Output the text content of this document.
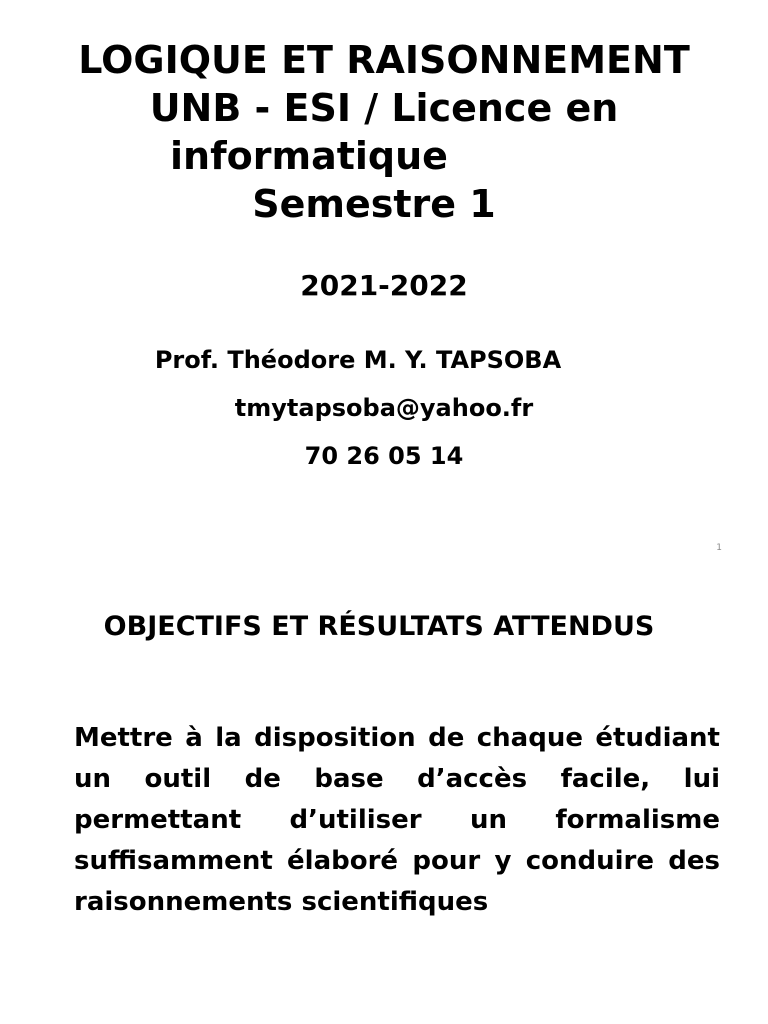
LOGIQUE ET RAISONNEMENT
UNB - ESI / Licence en
informatique
Semestre 1
2021-2022
Prof. Théodore M. Y. TAPSOBA
tmytapsoba@yahoo.fr
70 26 05 14
1
OBJECTIFS ET RÉSULTATS ATTENDUS
Mettre à la disposition de chaque étudiant un outil de base d’accès facile, lui permettant d’utiliser un formalisme suffisamment élaboré pour y conduire des raisonnements scientifiques
